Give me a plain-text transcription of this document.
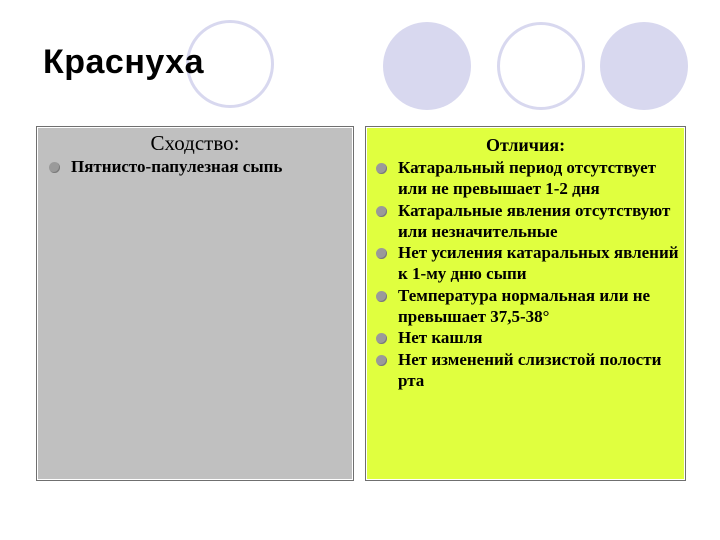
Краснуха
Сходство:
Пятнисто-папулезная сыпь
Отличия:
Катаральный период отсутствует или не превышает 1-2 дня
Катаральные явления отсутствуют или незначительные
Нет усиления катаральных явлений к 1-му дню сыпи
Температура нормальная или не превышает 37,5-38°
Нет кашля
Нет изменений слизистой полости рта
